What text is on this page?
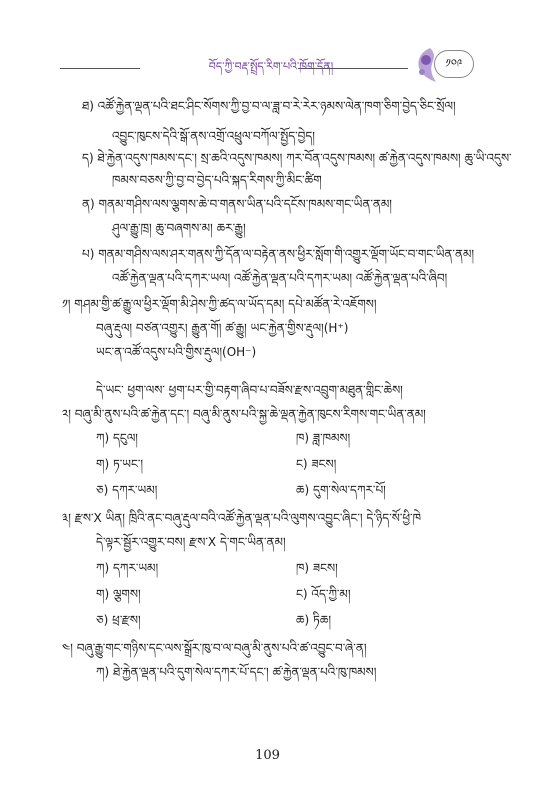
བོད་ཀྱི་བརྡ་སྤྲོད་རིག་པའི་ཁོག་དོན།	༡༠༩
ཐ) འཚོ་རྐྱེན་ལྡན་པའི་ཐང་ཤིང་སོགས་ཀྱི་བྱ་བ་ལ་ཟླ་བ་རེ་རེར་ཉམས་ལེན་ཁག་ཅིག་བྱེད་ཅིང་སྲོལ།
འབྱུང་ཁུངས་དེའི་སྒོ་ནས་འགྲོ་འཕྲུལ་བཀོལ་སྤྱོད་བྱེད།
ད) ཐེ་རྐྱེན་འདུས་ཁམས་དང་། སྲ་ཆའི་འདུས་ཁམས། ཀར་བོན་འདུས་ཁམས། ཚ་རྐྱེན་འདུས་ཁམས། ཆུ་ཡི་འདུས་
ཁམས་བཅས་ཀྱི་བྱ་བ་བྱེད་པའི་སྐད་རིགས་ཀྱི་མིང་ཚིག
ན) གནམ་གཤིས་ལས་ལྕགས་ཆེ་བ་གནས་ཡིན་པའི་དངོས་ཁམས་གང་ཡིན་ནམ།
ཤུལ་རྒྱུ་ཁྲ། ཆུ་བཞགས་མ། ཆར་རྒྱུ།
པ) གནམ་གཤིས་ལས་ཤར་གནས་ཀྱི་དོན་ལ་བརྟེན་ནས་ཕྱིར་སློག་གི་འགྱུར་ལྡོག་ཡོང་བ་གང་ཡིན་ནམ།
འཚོ་རྐྱེན་ལྡན་པའི་དཀར་ཡལ། འཚོ་རྐྱེན་ལྡན་པའི་དཀར་ཡམ། འཚོ་རྐྱེན་ལྡན་པའི་ཞིབ།
༡། གཤམ་གྱི་ཚ་རྒྱུ་ལ་ཕྱིར་ལྡོག་མི་ཤེས་ཀྱི་ཚད་ལ་ཡོད་དམ། དཔེ་མཚོན་རེ་འཇོགས།
བཞུ་རྡུལ། བཙན་འགྱུར། རྒྱུན་གོ། ཚ་རྒྱུ། ཡང་རྐྱེན་གྱིས་རྡུལ།(H⁺)
ཡང་ན་འཚོ་འདུས་པའི་གྱིས་རྡུལ།(OH⁻)
དེ་ཡང་ ཕྱག་ལས་ ཕྱག་པར་གྱི་བརྟག་ཞིབ་པ་བཟོས་རྫས་འབྲུག་མཐུན་གླིང་ཆེས།
༢། བཞུ་མི་ནུས་པའི་ཚ་རྐྱེན་དང་། བཞུ་མི་ནུས་པའི་སྐྱ་ཆེ་ལྡན་རྐྱེན་ཁུངས་རིགས་གང་ཡིན་ནམ།
ཀ) དངུལ།	ཁ) ཟླ་ཁམས།
ག) ཏ་ཡང་།	ང) ཟངས།
ཅ) དཀར་ཡམ།	ཆ) དུག་སེལ་དཀར་པོ།
༣། རྫས་X ཡིན། ཁྲིའི་ནང་བཞུ་རྡུལ་བའི་འཚོ་རྐྱེན་ལྡན་པའི་ལུགས་འབྱུང་ཞིང་། དེ་ཉིད་སོ་ཕྱི་ཁེ
དེ་ལྟར་སྦྱོར་འགྱུར་བས། རྫས་X དེ་གང་ཡིན་ནམ།
ཀ) དཀར་ཡམ།	ཁ) ཟངས།
ག) ལྕགས།	ང) འོད་ཀྱི་མ།
ཅ) ཕྲ་རྫས།	ཆ) ཏིཆ།
༤། བཞུ་རྒྱུ་གང་གཉིས་དང་ལས་སྒྲོར་ཁུ་བ་ལ་བཞུ་མི་ནུས་པའི་ཚ་འབྱུང་བ་ཞེ་ན།
ཀ) ཐེ་རྐྱེན་ལྡན་པའི་དུག་སེལ་དཀར་པོ་དང་། ཚ་རྐྱེན་ལྡན་པའི་ཁུ་ཁམས།
109
